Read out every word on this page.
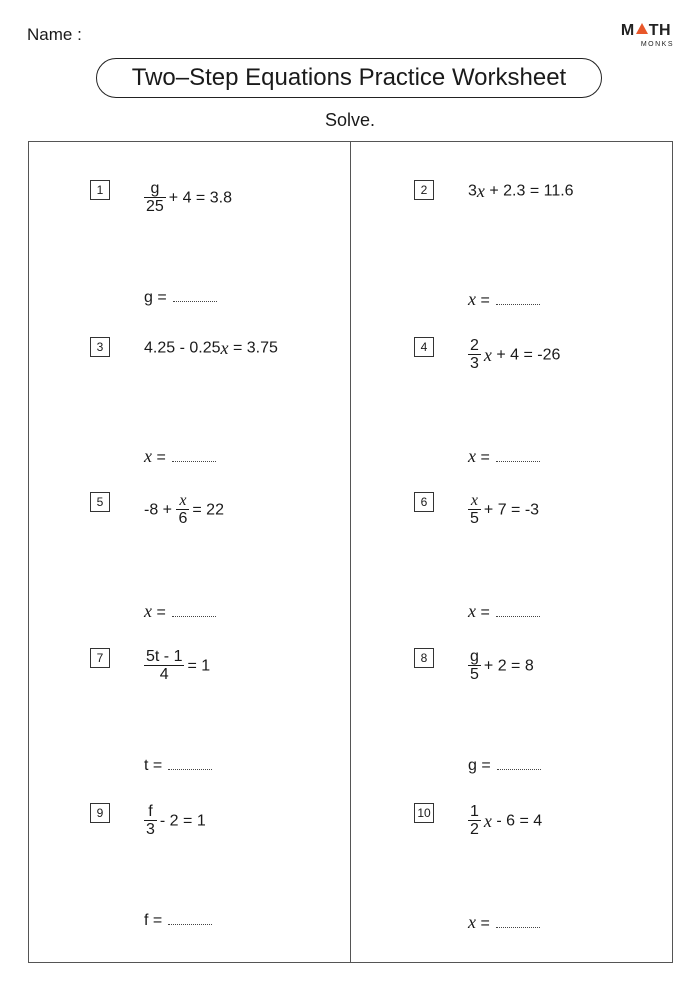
Name :	M TH
MONKS
Two–Step Equations Practice Worksheet
Solve.
1	$\frac{g}{25} + 4 = 3.8$
g =
2	3x + 2.3 = 11.6
x =
3	4.25 - 0.25x = 3.75
x =
4	$\frac{2}{3}$ x + 4 = -26
x =
5	$-8 + \frac{x}{6} = 22$
x =
6	$\frac{x}{5} + 7 = -3$
x =
7	$\frac{5t - 1}{4} = 1$
t =
8	$\frac{g}{5} + 2 = 8$
g =
9	$\frac{f}{3} - 2 = 1$
f =
$10 \frac{1}{2}$ x - 6 = 4
x =
